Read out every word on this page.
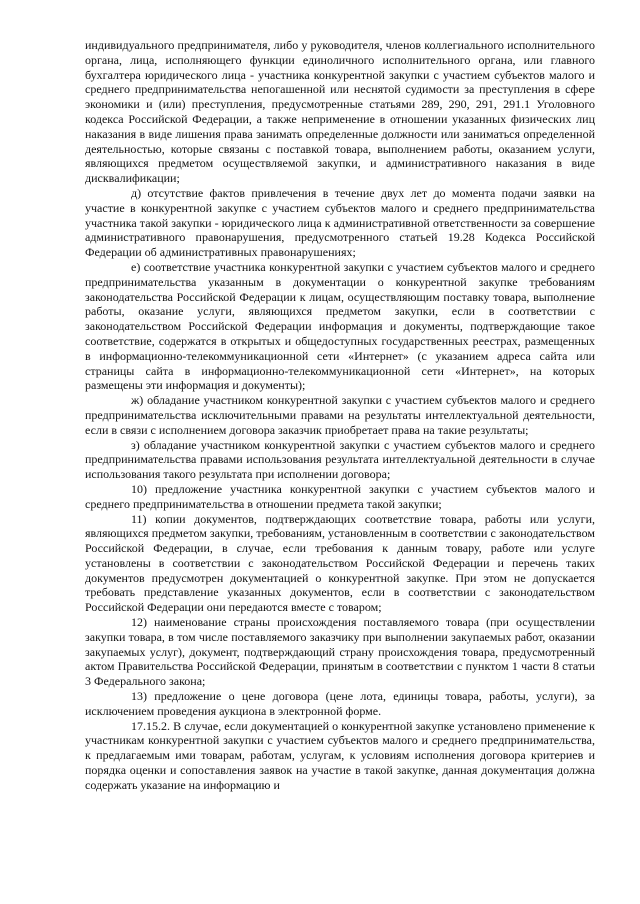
индивидуального предпринимателя, либо у руководителя, членов коллегиального исполнительного органа, лица, исполняющего функции единоличного исполнительного органа, или главного бухгалтера юридического лица - участника конкурентной закупки с участием субъектов малого и среднего предпринимательства непогашенной или неснятой судимости за преступления в сфере экономики и (или) преступления, предусмотренные статьями 289, 290, 291, 291.1 Уголовного кодекса Российской Федерации, а также неприменение в отношении указанных физических лиц наказания в виде лишения права занимать определенные должности или заниматься определенной деятельностью, которые связаны с поставкой товара, выполнением работы, оказанием услуги, являющихся предметом осуществляемой закупки, и административного наказания в виде дисквалификации;

д) отсутствие фактов привлечения в течение двух лет до момента подачи заявки на участие в конкурентной закупке с участием субъектов малого и среднего предпринимательства участника такой закупки - юридического лица к административной ответственности за совершение административного правонарушения, предусмотренного статьей 19.28 Кодекса Российской Федерации об административных правонарушениях;

е) соответствие участника конкурентной закупки с участием субъектов малого и среднего предпринимательства указанным в документации о конкурентной закупке требованиям законодательства Российской Федерации к лицам, осуществляющим поставку товара, выполнение работы, оказание услуги, являющихся предметом закупки, если в соответствии с законодательством Российской Федерации информация и документы, подтверждающие такое соответствие, содержатся в открытых и общедоступных государственных реестрах, размещенных в информационно-телекоммуникационной сети «Интернет» (с указанием адреса сайта или страницы сайта в информационно-телекоммуникационной сети «Интернет», на которых размещены эти информация и документы);

ж) обладание участником конкурентной закупки с участием субъектов малого и среднего предпринимательства исключительными правами на результаты интеллектуальной деятельности, если в связи с исполнением договора заказчик приобретает права на такие результаты;

з) обладание участником конкурентной закупки с участием субъектов малого и среднего предпринимательства правами использования результата интеллектуальной деятельности в случае использования такого результата при исполнении договора;

10) предложение участника конкурентной закупки с участием субъектов малого и среднего предпринимательства в отношении предмета такой закупки;

11) копии документов, подтверждающих соответствие товара, работы или услуги, являющихся предметом закупки, требованиям, установленным в соответствии с законодательством Российской Федерации, в случае, если требования к данным товару, работе или услуге установлены в соответствии с законодательством Российской Федерации и перечень таких документов предусмотрен документацией о конкурентной закупке. При этом не допускается требовать представление указанных документов, если в соответствии с законодательством Российской Федерации они передаются вместе с товаром;

12) наименование страны происхождения поставляемого товара (при осуществлении закупки товара, в том числе поставляемого заказчику при выполнении закупаемых работ, оказании закупаемых услуг), документ, подтверждающий страну происхождения товара, предусмотренный актом Правительства Российской Федерации, принятым в соответствии с пунктом 1 части 8 статьи 3 Федерального закона;

13) предложение о цене договора (цене лота, единицы товара, работы, услуги), за исключением проведения аукциона в электронной форме.

17.15.2. В случае, если документацией о конкурентной закупке установлено применение к участникам конкурентной закупки с участием субъектов малого и среднего предпринимательства, к предлагаемым ими товарам, работам, услугам, к условиям исполнения договора критериев и порядка оценки и сопоставления заявок на участие в такой закупке, данная документация должна содержать указание на информацию и
